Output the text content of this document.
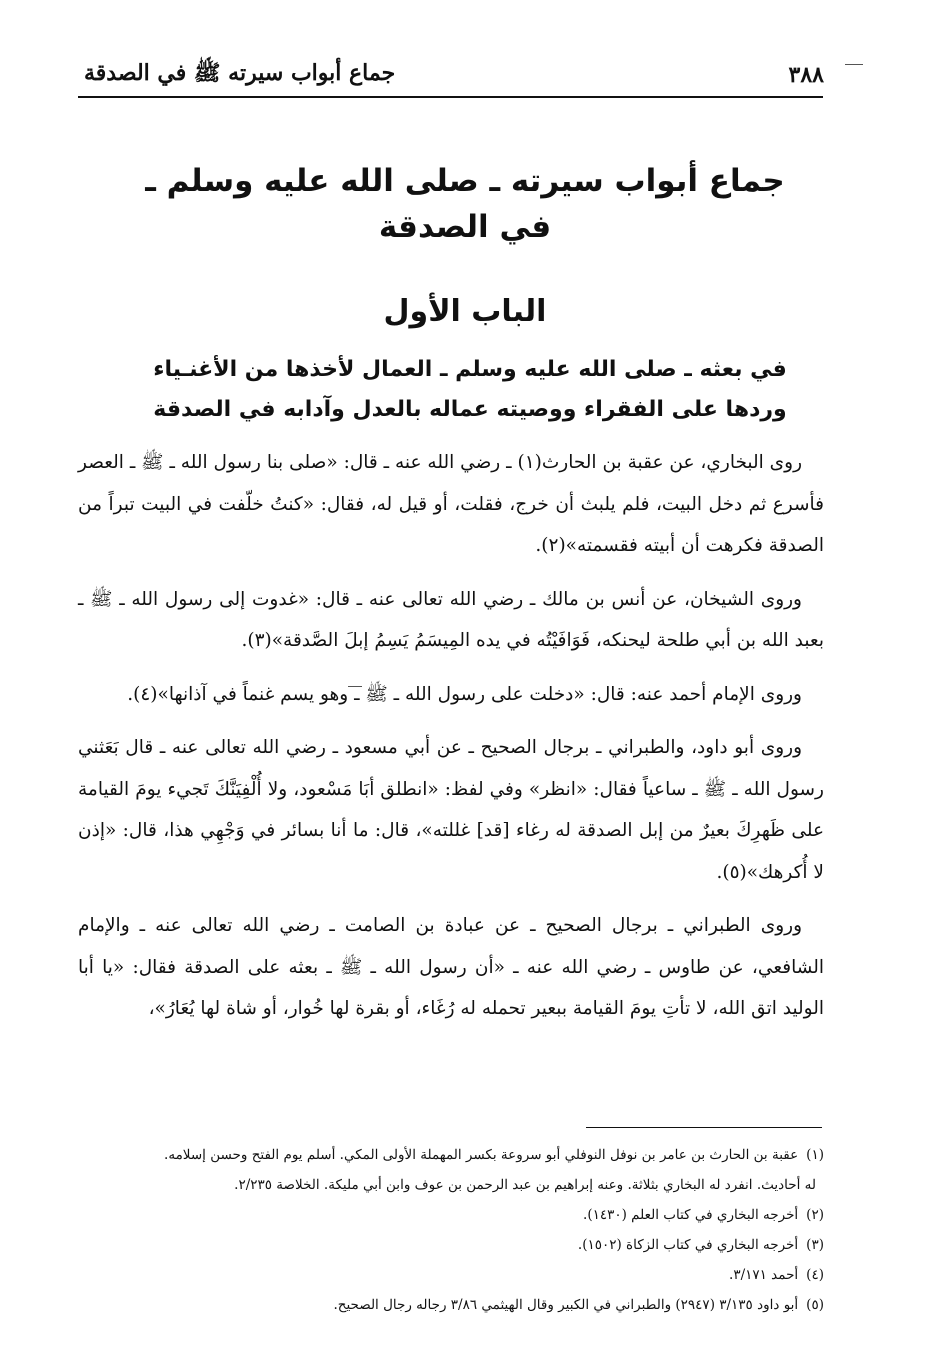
٣٨٨
جماع أبواب سيرته ﷺ في الصدقة
جماع أبواب سيرته ـ صلى الله عليه وسلم ـ
في الصدقة
الباب الأول
في بعثه ـ صلى الله عليه وسلم ـ العمال لأخذها من الأغنـياء
وردها على الفقراء ووصيته عماله بالعدل وآدابه في الصدقة

روى البخاري، عن عقبة بن الحارث(١) ـ رضي الله عنه ـ قال: «صلى بنا رسول الله ـ ﷺ ـ العصر فأسرع ثم دخل البيت، فلم يلبث أن خرج، فقلت، أو قيل له، فقال: «كنتُ خلّفت في البيت تبراً من الصدقة فكرهت أن أبيته فقسمته»(٢).

وروى الشيخان، عن أنس بن مالك ـ رضي الله تعالى عنه ـ قال: «غدوت إلى رسول الله ـ ﷺ ـ بعبد الله بن أبي طلحة ليحنكه، فَوَافَيْتُه في يده المِيسَمُ يَسِمُ إبلَ الصَّدقة»(٣).

وروى الإمام أحمد عنه: قال: «دخلت على رسول الله ـ ﷺ ـ وهو يسم غنماً في آذانها»(٤).

وروى أبو داود، والطبراني ـ برجال الصحيح ـ عن أبي مسعود ـ رضي الله تعالى عنه ـ قال بَعَثني رسول الله ـ ﷺ ـ ساعياً فقال: «انظر» وفي لفظ: «انطلق أبَا مَسْعود، ولا أُلْفِيَنَّكَ تَجيء يومَ القيامة على ظَهرِكَ بعيرٌ من إبل الصدقة له رغاء [قد] غللته»، قال: ما أنا بسائر في وَجْهِي هذا، قال: «إذن لا أُكرهك»(٥).

وروى الطبراني ـ برجال الصحيح ـ عن عبادة بن الصامت ـ رضي الله تعالى عنه ـ والإمام الشافعي، عن طاوس ـ رضي الله عنه ـ «أن رسول الله ـ ﷺ ـ بعثه على الصدقة فقال: «يا أبا الوليد اتق الله، لا تأتِ يومَ القيامة ببعير تحمله له رُغَاء، أو بقرة لها خُوار، أو شاة لها يُعَارُ»،

(١)عقبة بن الحارث بن عامر بن نوفل النوفلي أبو سروعة بكسر المهملة الأولى المكي. أسلم يوم الفتح وحسن إسلامه.
له أحاديث. انفرد له البخاري بثلاثة. وعنه إبراهيم بن عبد الرحمن بن عوف وابن أبي مليكة. الخلاصة ٢/٢٣٥.
(٢)أخرجه البخاري في كتاب العلم (١٤٣٠).
(٣)أخرجه البخاري في كتاب الزكاة (١٥٠٢).
(٤)أحمد ٣/١٧١.
(٥)أبو داود ٣/١٣٥ (٢٩٤٧) والطبراني في الكبير وقال الهيثمي ٣/٨٦ رجاله رجال الصحيح.
